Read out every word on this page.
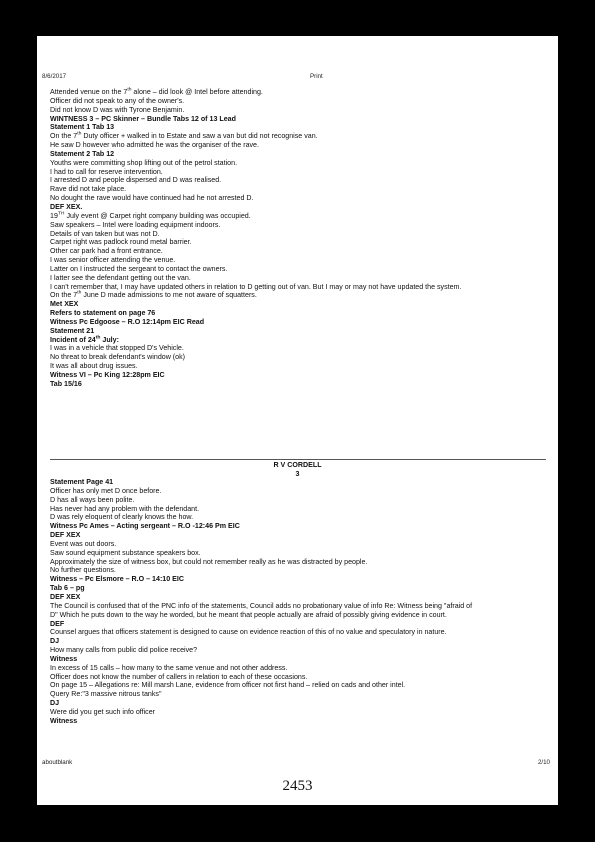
8/6/2017	Print
Attended venue on the 7th alone – did look @ Intel before attending.
Officer did not speak to any of the owner's.
Did not know D was with Tyrone Benjamin.
WINTNESS 3 – PC Skinner – Bundle Tabs 12 of 13 Lead
Statement 1 Tab 13
On the 7th Duty officer + walked in to Estate and saw a van but did not recognise van.
He saw D however who admitted he was the organiser of the rave.
Statement 2 Tab 12
Youths were committing shop lifting out of the petrol station.
I had to call for reserve intervention.
I arrested D and people dispersed and D was realised.
Rave did not take place.
No dought the rave would have continued had he not arrested D.
DEF XEX.
19TH July event @ Carpet right company building was occupied.
Saw speakers – Intel were loading equipment indoors.
Details of van taken but was not D.
Carpet right was padlock round metal barrier.
Other car park had a front entrance.
I was senior officer attending the venue.
Latter on I instructed the sergeant to contact the owners.
I latter see the defendant getting out the van.
I can't remember that, I may have updated others in relation to D getting out of van. But I may or may not have updated the system.
On the 7th June D made admissions to me not aware of squatters.
Met XEX
Refers to statement on page 76
Witness Pc Edgoose – R.O 12:14pm EIC Read
Statement 21
Incident of 24th July:
I was in a vehicle that stopped D's Vehicle.
No threat to break defendant's window (ok)
It was all about drug issues.
Witness VI – Pc King 12:28pm EIC
Tab 15/16
R V CORDELL
3
Statement Page 41
Officer has only met D once before.
D has all ways been polite.
Has never had any problem with the defendant.
D was rely eloquent of clearly knows the how.
Witness Pc Ames – Acting sergeant – R.O -12:46 Pm EIC
DEF XEX
Event was out doors.
Saw sound equipment substance speakers box.
Approximately the size of witness box, but could not remember really as he was distracted by people.
No further questions.
Witness – Pc Elsmore – R.O – 14:10 EIC
Tab 6 – pg
DEF XEX
The Council is confused that of the PNC info of the statements, Council adds no probationary value of info Re: Witness being "afraid of
D" Which he puts down to the way he worded, but he meant that people actually are afraid of possibly giving evidence in court.
DEF
Counsel argues that officers statement is designed to cause on evidence reaction of this of no value and speculatory in nature.
DJ
How many calls from public did police receive?
Witness
In excess of 15 calls – how many to the same venue and not other address.
Officer does not know the number of callers in relation to each of these occasions.
On page 15 – Allegations re: Mill marsh Lane, evidence from officer not first hand – relied on cads and other intel.
Query Re:"3 massive nitrous tanks"
DJ
Were did you get such info officer
Witness
aboutblank	2/10
2453
